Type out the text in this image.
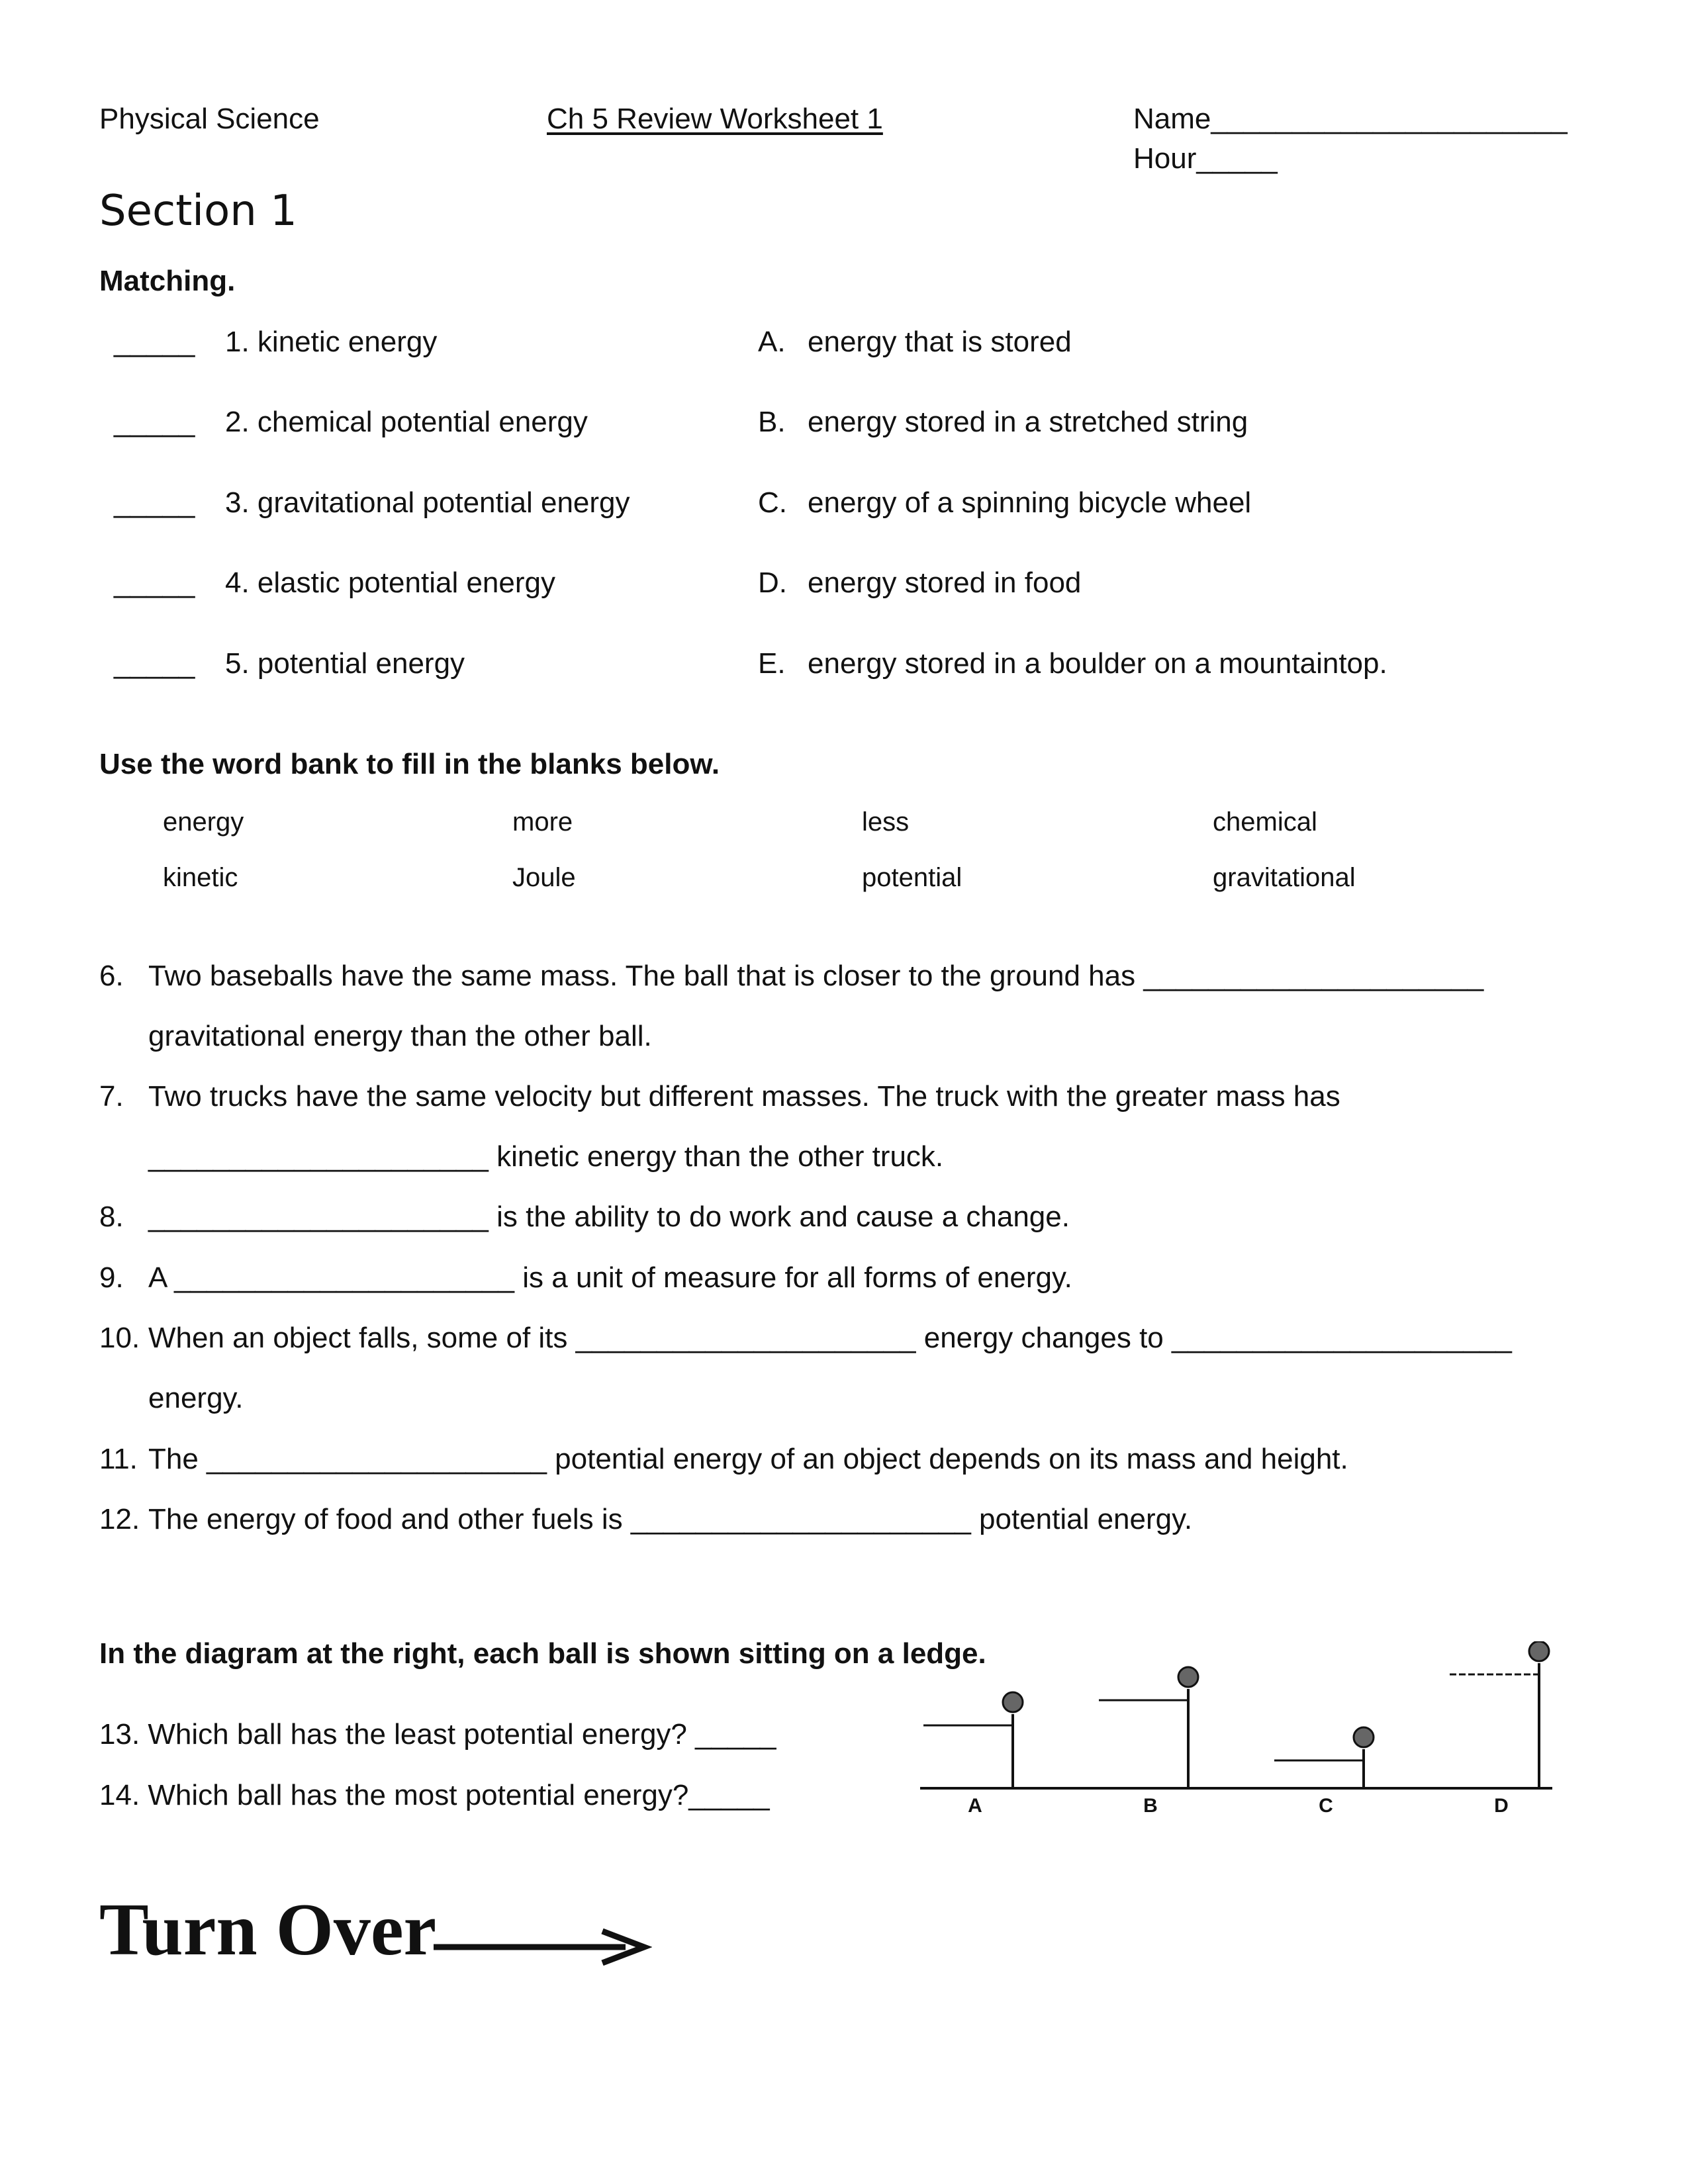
Physical Science	Ch 5 Review Worksheet 1	Name______________________
Hour_____
Section 1
Matching.
_____ 1. kinetic energy	A. energy that is stored
_____ 2. chemical potential energy	B. energy stored in a stretched string
_____ 3. gravitational potential energy	C. energy of a spinning bicycle wheel
_____ 4. elastic potential energy	D. energy stored in food
_____ 5. potential energy	E. energy stored in a boulder on a mountaintop.
Use the word bank to fill in the blanks below.
energy	more	less	chemical
kinetic	Joule	potential	gravitational
6. Two baseballs have the same mass. The ball that is closer to the ground has _____________________
gravitational energy than the other ball.
7. Two trucks have the same velocity but different masses. The truck with the greater mass has
_____________________ kinetic energy than the other truck.
8. _____________________ is the ability to do work and cause a change.
9. A _____________________ is a unit of measure for all forms of energy.
10. When an object falls, some of its _____________________ energy changes to _____________________
energy.
11. The _____________________ potential energy of an object depends on its mass and height.
12. The energy of food and other fuels is _____________________ potential energy.
In the diagram at the right, each ball is shown sitting on a ledge.
13. Which ball has the least potential energy? _____
14. Which ball has the most potential energy?_____	A	B	C	D
Turn Over
